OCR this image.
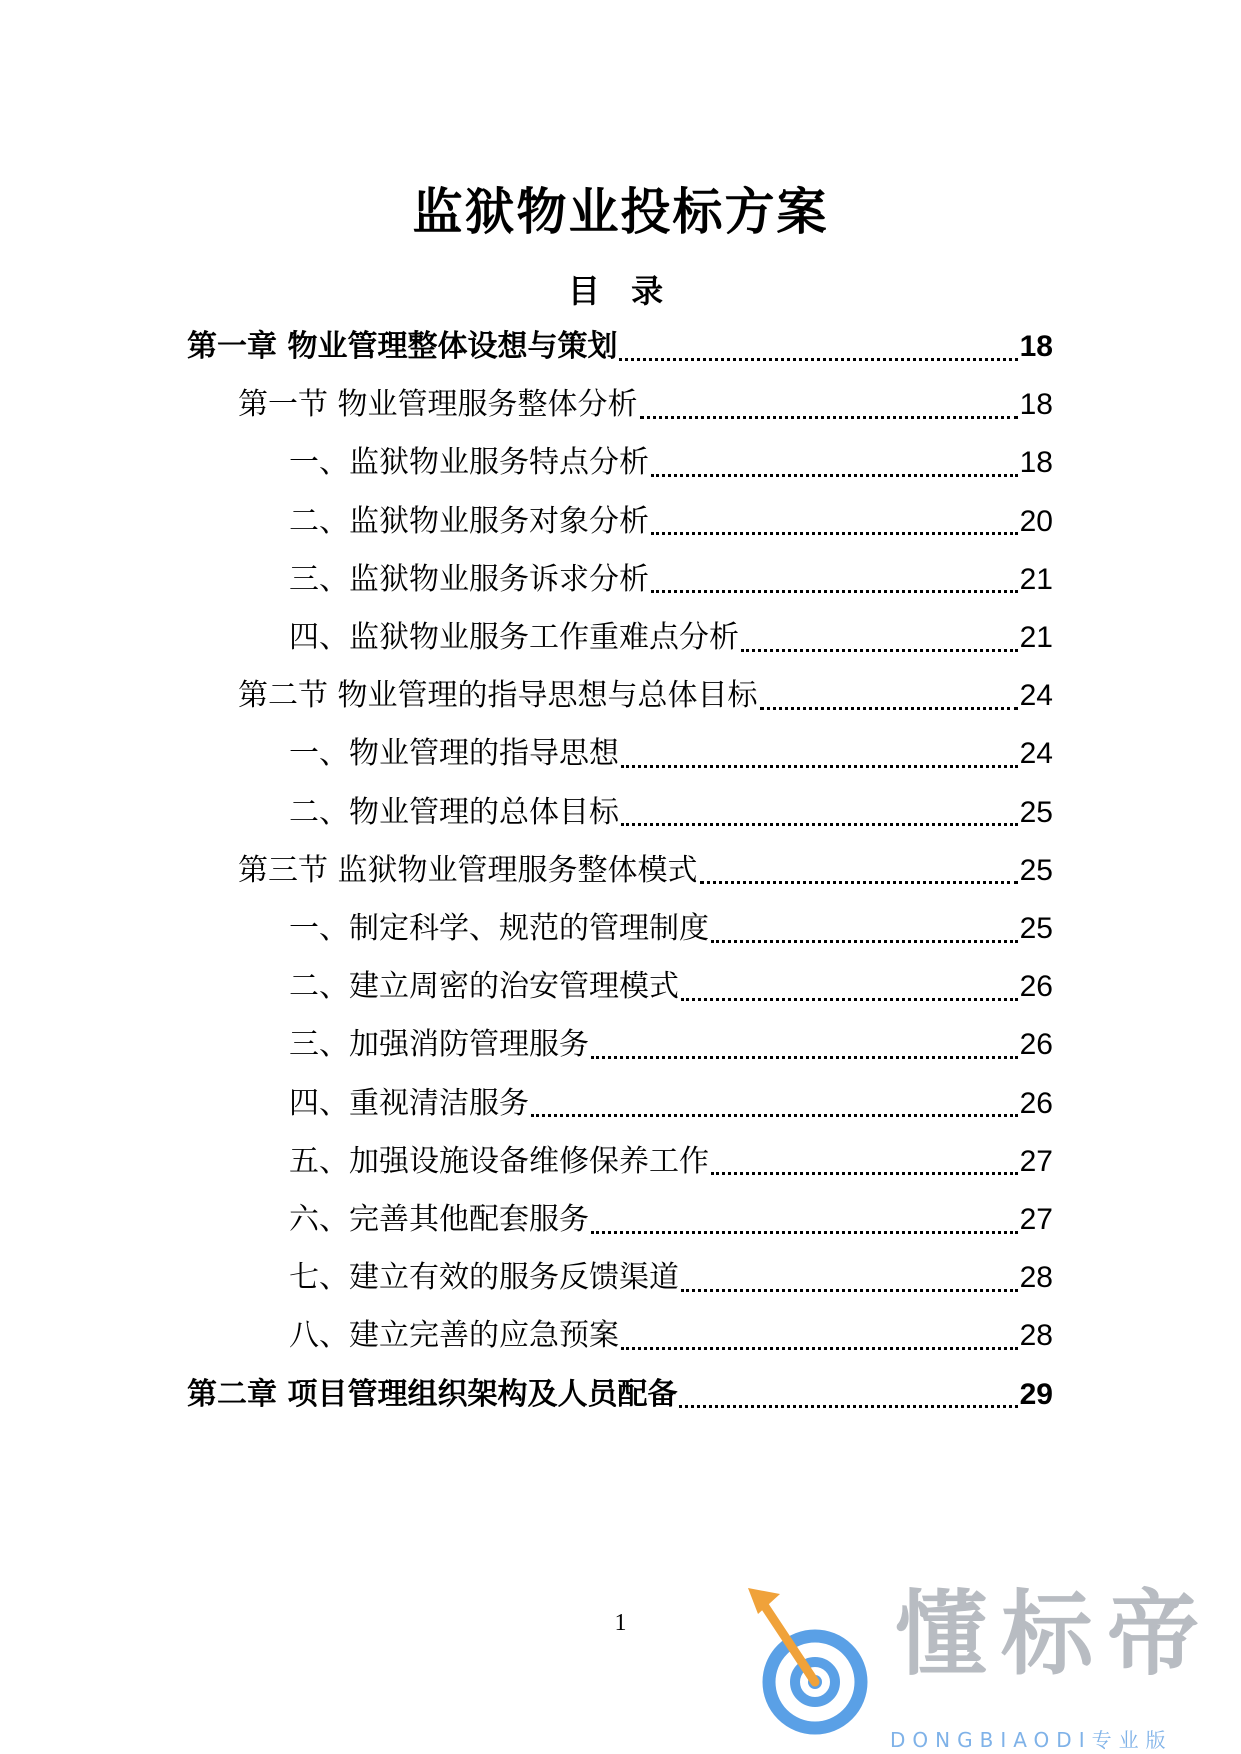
监狱物业投标方案
目 录
第一章 物业管理整体设想与策划	18
第一节 物业管理服务整体分析	18
一、监狱物业服务特点分析	18
二、监狱物业服务对象分析	20
三、监狱物业服务诉求分析	21
四、监狱物业服务工作重难点分析	21
第二节 物业管理的指导思想与总体目标	24
一、物业管理的指导思想	24
二、物业管理的总体目标	25
第三节 监狱物业管理服务整体模式	25
一、制定科学、规范的管理制度	25
二、建立周密的治安管理模式	26
三、加强消防管理服务	26
四、重视清洁服务	26
五、加强设施设备维修保养工作	27
六、完善其他配套服务	27
七、建立有效的服务反馈渠道	28
八、建立完善的应急预案	28
第二章 项目管理组织架构及人员配备	29
1	懂标帝
DONGBIAODI专业版
